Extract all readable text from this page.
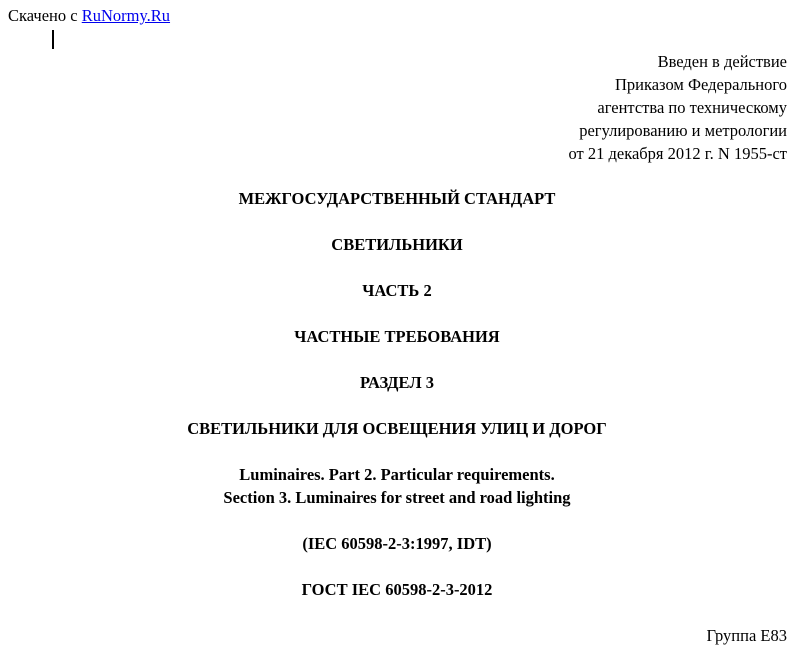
Скачено с RuNormy.Ru
Введен в действие
Приказом Федерального
агентства по техническому
регулированию и метрологии
от 21 декабря 2012 г. N 1955-ст
МЕЖГОСУДАРСТВЕННЫЙ СТАНДАРТ
СВЕТИЛЬНИКИ
ЧАСТЬ 2
ЧАСТНЫЕ ТРЕБОВАНИЯ
РАЗДЕЛ 3
СВЕТИЛЬНИКИ ДЛЯ ОСВЕЩЕНИЯ УЛИЦ И ДОРОГ
Luminaires. Part 2. Particular requirements.
Section 3. Luminaires for street and road lighting
(IEC 60598-2-3:1997, IDT)
ГОСТ IEC 60598-2-3-2012
Группа Е83
